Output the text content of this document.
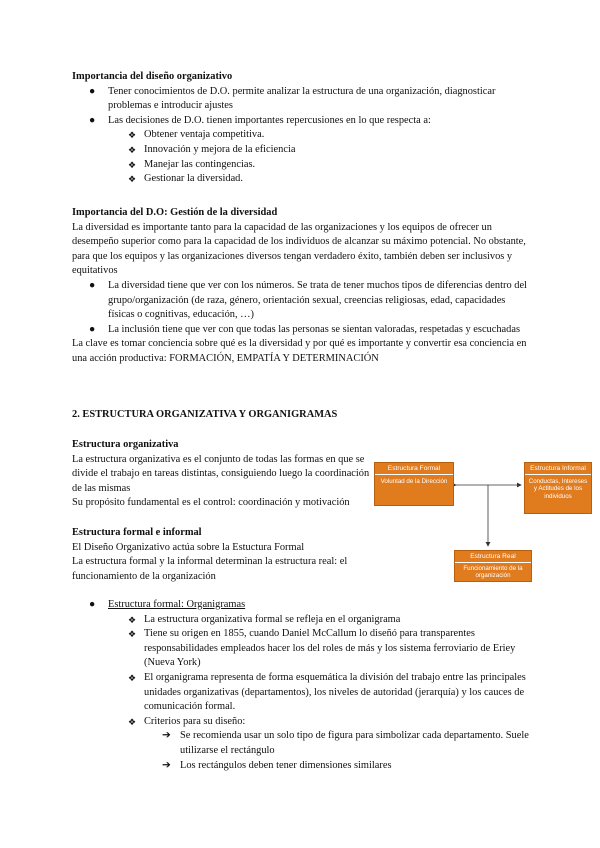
Importancia del diseño organizativo

● Tener conocimientos de D.O. permite analizar la estructura de una organización, diagnosticar problemas e introducir ajustes
● Las decisiones de D.O. tienen importantes repercusiones en lo que respecta a:
❖ Obtener ventaja competitiva.
❖ Innovación y mejora de la eficiencia
❖ Manejar las contingencias.
❖ Gestionar la diversidad.

Importancia del D.O: Gestión de la diversidad

La diversidad es importante tanto para la capacidad de las organizaciones y los equipos de ofrecer un desempeño superior como para la capacidad de los individuos de alcanzar su máximo potencial. No obstante, para que los equipos y las organizaciones diversos tengan verdadero éxito, también deben ser inclusivos y equitativos

● La diversidad tiene que ver con los números. Se trata de tener muchos tipos de diferencias dentro del grupo/organización (de raza, género, orientación sexual, creencias religiosas, edad, capacidades físicas o cognitivas, educación, …)
● La inclusión tiene que ver con que todas las personas se sientan valoradas, respetadas y escuchadas

La clave es tomar conciencia sobre qué es la diversidad y por qué es importante y convertir esa conciencia en una acción productiva: FORMACIÓN, EMPATÍA Y DETERMINACIÓN

2. ESTRUCTURA ORGANIZATIVA Y ORGANIGRAMAS

Estructura organizativa

La estructura organizativa es el conjunto de todas las formas en que se divide el trabajo en tareas distintas, consiguiendo luego la coordinación de las mismas

Su propósito fundamental es el control: coordinación y motivación

Estructura formal e informal

El Diseño Organizativo actúa sobre la Estuctura Formal

La estructura formal y la informal determinan la estructura real: el funcionamiento de la organización

Estructura Formal
Voluntad de la Dirección
Estructura Informal
Conductas, Intereses y Actitudes de los individuos
Estructura Real
Funcionamiento de la organización
● Estructura formal: Organigramas
❖ La estructura organizativa formal se refleja en el organigrama
❖ Tiene su origen en 1855, cuando Daniel McCallum lo diseñó para transparentes responsabilidades empleados hacer los del roles de más y los sistema ferroviario de Eriey (Nueva York)
❖ El organigrama representa de forma esquemática la división del trabajo entre las principales unidades organizativas (departamentos), los niveles de autoridad (jerarquía) y los cauces de comunicación formal.
❖ Criterios para su diseño:
➔ Se recomienda usar un solo tipo de figura para simbolizar cada departamento. Suele utilizarse el rectángulo
➔ Los rectángulos deben tener dimensiones similares
